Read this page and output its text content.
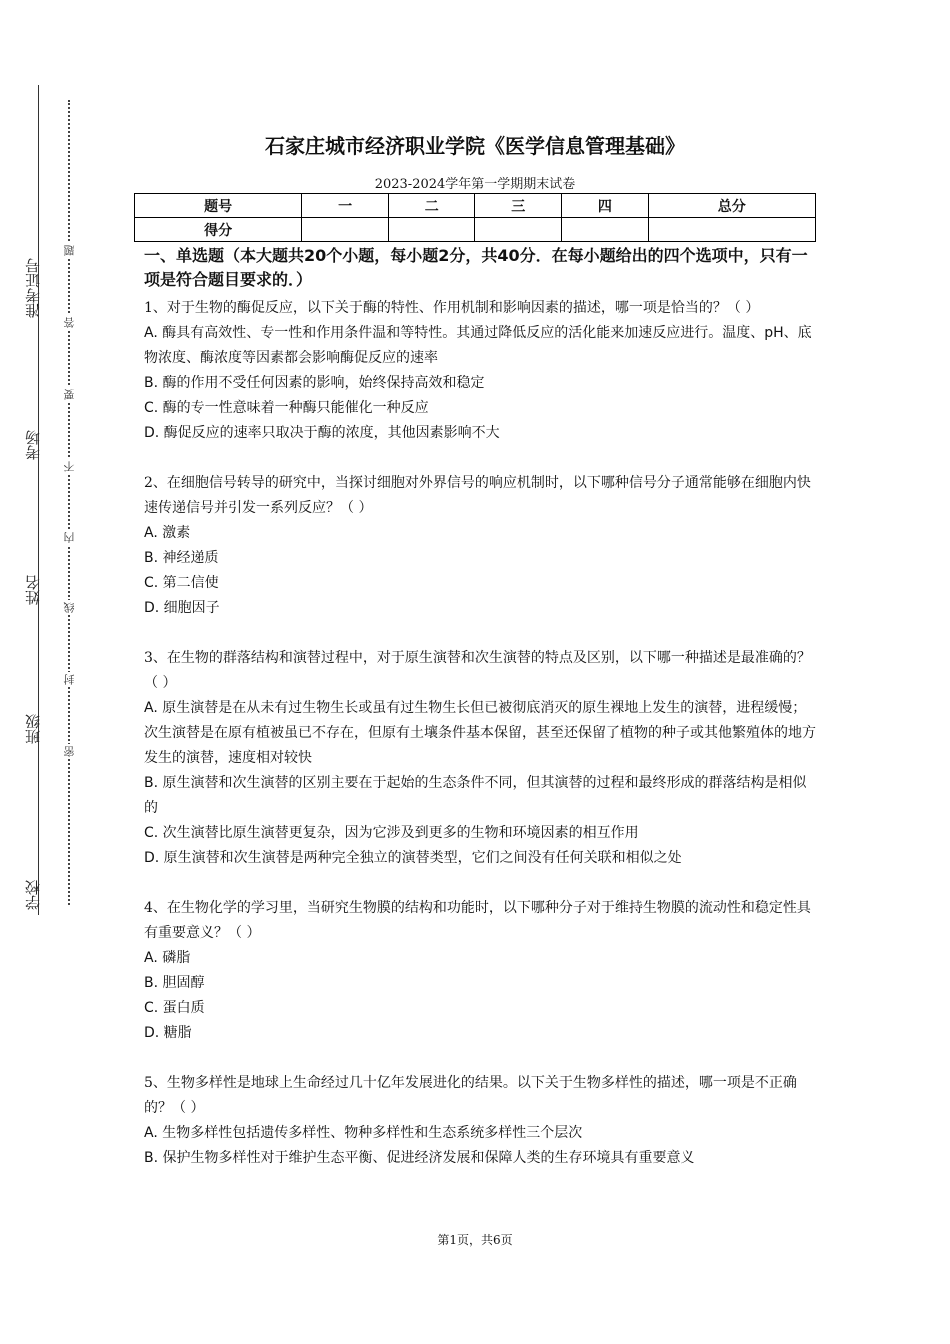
准考证号
考场
姓名
班级
学校
题
答
要
不
内
线
封
密
石家庄城市经济职业学院《医学信息管理基础》
2023-2024学年第一学期期末试卷
题号	一	二	三	四	总分
得分					
一、单选题（本大题共20个小题，每小题2分，共40分．在每小题给出的四个选项中，只有一项是符合题目要求的．）

1、对于生物的酶促反应，以下关于酶的特性、作用机制和影响因素的描述，哪一项是恰当的？（ ）

A. 酶具有高效性、专一性和作用条件温和等特性。其通过降低反应的活化能来加速反应进行。温度、pH、底物浓度、酶浓度等因素都会影响酶促反应的速率

B. 酶的作用不受任何因素的影响，始终保持高效和稳定

C. 酶的专一性意味着一种酶只能催化一种反应

D. 酶促反应的速率只取决于酶的浓度，其他因素影响不大

2、在细胞信号转导的研究中，当探讨细胞对外界信号的响应机制时，以下哪种信号分子通常能够在细胞内快速传递信号并引发一系列反应？（ ）

A. 激素

B. 神经递质

C. 第二信使

D. 细胞因子

3、在生物的群落结构和演替过程中，对于原生演替和次生演替的特点及区别，以下哪一种描述是最准确的？（ ）

A. 原生演替是在从未有过生物生长或虽有过生物生长但已被彻底消灭的原生裸地上发生的演替，进程缓慢；次生演替是在原有植被虽已不存在，但原有土壤条件基本保留，甚至还保留了植物的种子或其他繁殖体的地方发生的演替，速度相对较快

B. 原生演替和次生演替的区别主要在于起始的生态条件不同，但其演替的过程和最终形成的群落结构是相似的

C. 次生演替比原生演替更复杂，因为它涉及到更多的生物和环境因素的相互作用

D. 原生演替和次生演替是两种完全独立的演替类型，它们之间没有任何关联和相似之处

4、在生物化学的学习里，当研究生物膜的结构和功能时，以下哪种分子对于维持生物膜的流动性和稳定性具有重要意义？（ ）

A. 磷脂

B. 胆固醇

C. 蛋白质

D. 糖脂

5、生物多样性是地球上生命经过几十亿年发展进化的结果。以下关于生物多样性的描述，哪一项是不正确的？（ ）

A. 生物多样性包括遗传多样性、物种多样性和生态系统多样性三个层次

B. 保护生物多样性对于维护生态平衡、促进经济发展和保障人类的生存环境具有重要意义

第1页，共6页
